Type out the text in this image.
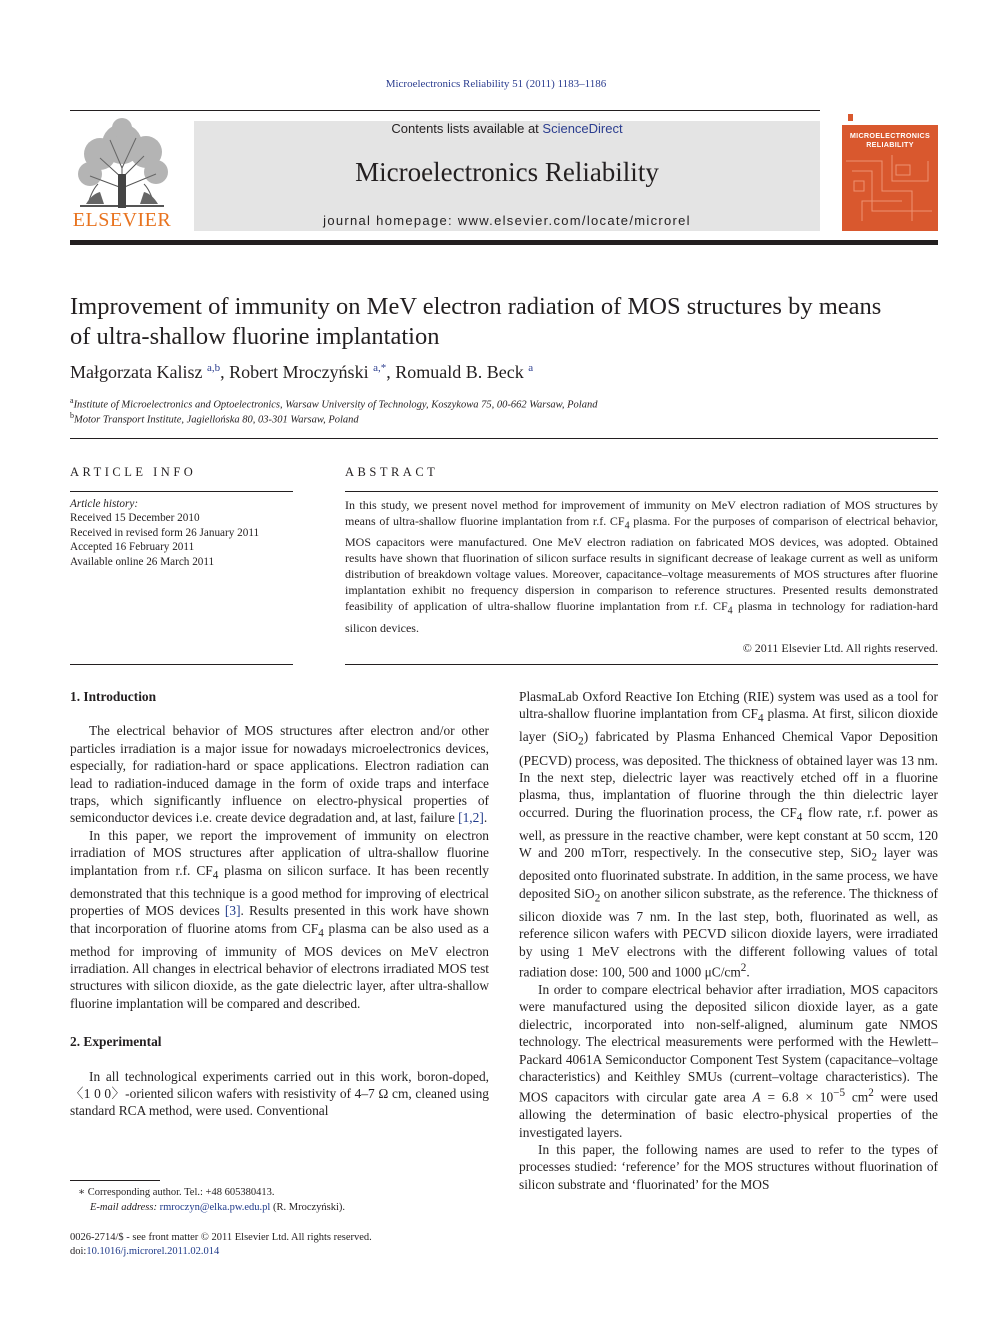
Microelectronics Reliability 51 (2011) 1183–1186
ELSEVIER
Contents lists available at ScienceDirect
Microelectronics Reliability
journal homepage: www.elsevier.com/locate/microrel
MICROELECTRONICS
RELIABILITY
Improvement of immunity on MeV electron radiation of MOS structures by means
of ultra-shallow fluorine implantation
Małgorzata Kalisz $^{a,b}$, Robert Mroczyński $^{a,*}$, Romuald B. Beck $^a$
$^a$Institute of Microelectronics and Optoelectronics, Warsaw University of Technology, Koszykowa 75, 00-662 Warsaw, Poland
$^b$Motor Transport Institute, Jagiellońska 80, 03-301 Warsaw, Poland
ARTICLE INFO
Article history:
Received 15 December 2010
Received in revised form 26 January 2011
Accepted 16 February 2011
Available online 26 March 2011
ABSTRACT
In this study, we present novel method for improvement of immunity on MeV electron radiation of MOS structures by means of ultra-shallow fluorine implantation from r.f. $CF_4$ plasma. For the purposes of comparison of electrical behavior, MOS capacitors were manufactured. One MeV electron radiation on fabricated MOS devices, was adopted. Obtained results have shown that fluorination of silicon surface results in significant decrease of leakage current as well as uniform distribution of breakdown voltage values. Moreover, capacitance–voltage measurements of MOS structures after fluorine implantation exhibit no frequency dispersion in comparison to reference structures. Presented results demonstrated feasibility of application of ultra-shallow fluorine implantation from r.f. $CF_4$ plasma in technology for radiation-hard silicon devices.
© 2011 Elsevier Ltd. All rights reserved.
1. Introduction

The electrical behavior of MOS structures after electron and/or other particles irradiation is a major issue for nowadays microelectronics devices, especially, for radiation-hard or space applications. Electron radiation can lead to radiation-induced damage in the form of oxide traps and interface traps, which significantly influence on electro-physical properties of semiconductor devices i.e. create device degradation and, at last, failure [1,2].

In this paper, we report the improvement of immunity on electron irradiation of MOS structures after application of ultra-shallow fluorine implantation from r.f. $CF_4$ plasma on silicon surface. It has been recently demonstrated that this technique is a good method for improving of electrical properties of MOS devices [3]. Results presented in this work have shown that incorporation of fluorine atoms from $CF_4$ plasma can be also used as a method for improving of immunity of MOS devices on MeV electron irradiation. All changes in electrical behavior of electrons irradiated MOS test structures with silicon dioxide, as the gate dielectric layer, after ultra-shallow fluorine implantation will be compared and described.

2. Experimental

In all technological experiments carried out in this work, boron-doped, 〈1 0 0〉-oriented silicon wafers with resistivity of 4–7 Ω cm, cleaned using standard RCA method, were used. Conventional

PlasmaLab Oxford Reactive Ion Etching (RIE) system was used as a tool for ultra-shallow fluorine implantation from $CF_4$ plasma. At first, silicon dioxide layer (SiO$_2$) fabricated by Plasma Enhanced Chemical Vapor Deposition (PECVD) process, was deposited. The thickness of obtained layer was 13 nm. In the next step, dielectric layer was reactively etched off in a fluorine plasma, thus, implantation of fluorine through the thin dielectric layer occurred. During the fluorination process, the $CF_4$ flow rate, r.f. power as well, as pressure in the reactive chamber, were kept constant at 50 sccm, 120 W and 200 mTorr, respectively. In the consecutive step, SiO$_2$ layer was deposited onto fluorinated substrate. In addition, in the same process, we have deposited SiO$_2$ on another silicon substrate, as the reference. The thickness of silicon dioxide was 7 nm. In the last step, both, fluorinated as well, as reference silicon wafers with PECVD silicon dioxide layers, were irradiated by using 1 MeV electrons with the different following values of total radiation dose: 100, 500 and 1000 $\mu C/cm^2$.

In order to compare electrical behavior after irradiation, MOS capacitors were manufactured using the deposited silicon dioxide layer, as a gate dielectric, incorporated into non-self-aligned, aluminum gate NMOS technology. The electrical measurements were performed with the Hewlett–Packard 4061A Semiconductor Component Test System (capacitance–voltage characteristics) and Keithley SMUs (current–voltage characteristics). The MOS capacitors with circular gate area $A = 6.8 \times 10^{-5}$ $cm^2$ were used allowing the determination of basic electro-physical properties of the investigated layers.

In this paper, the following names are used to refer to the types of processes studied: ‘reference’ for the MOS structures without fluorination of silicon substrate and ‘fluorinated’ for the MOS

∗ Corresponding author. Tel.: +48 605380413.
E-mail address: rmroczyn@elka.pw.edu.pl (R. Mroczyński).
0026-2714/$ - see front matter © 2011 Elsevier Ltd. All rights reserved.
doi:10.1016/j.microrel.2011.02.014
